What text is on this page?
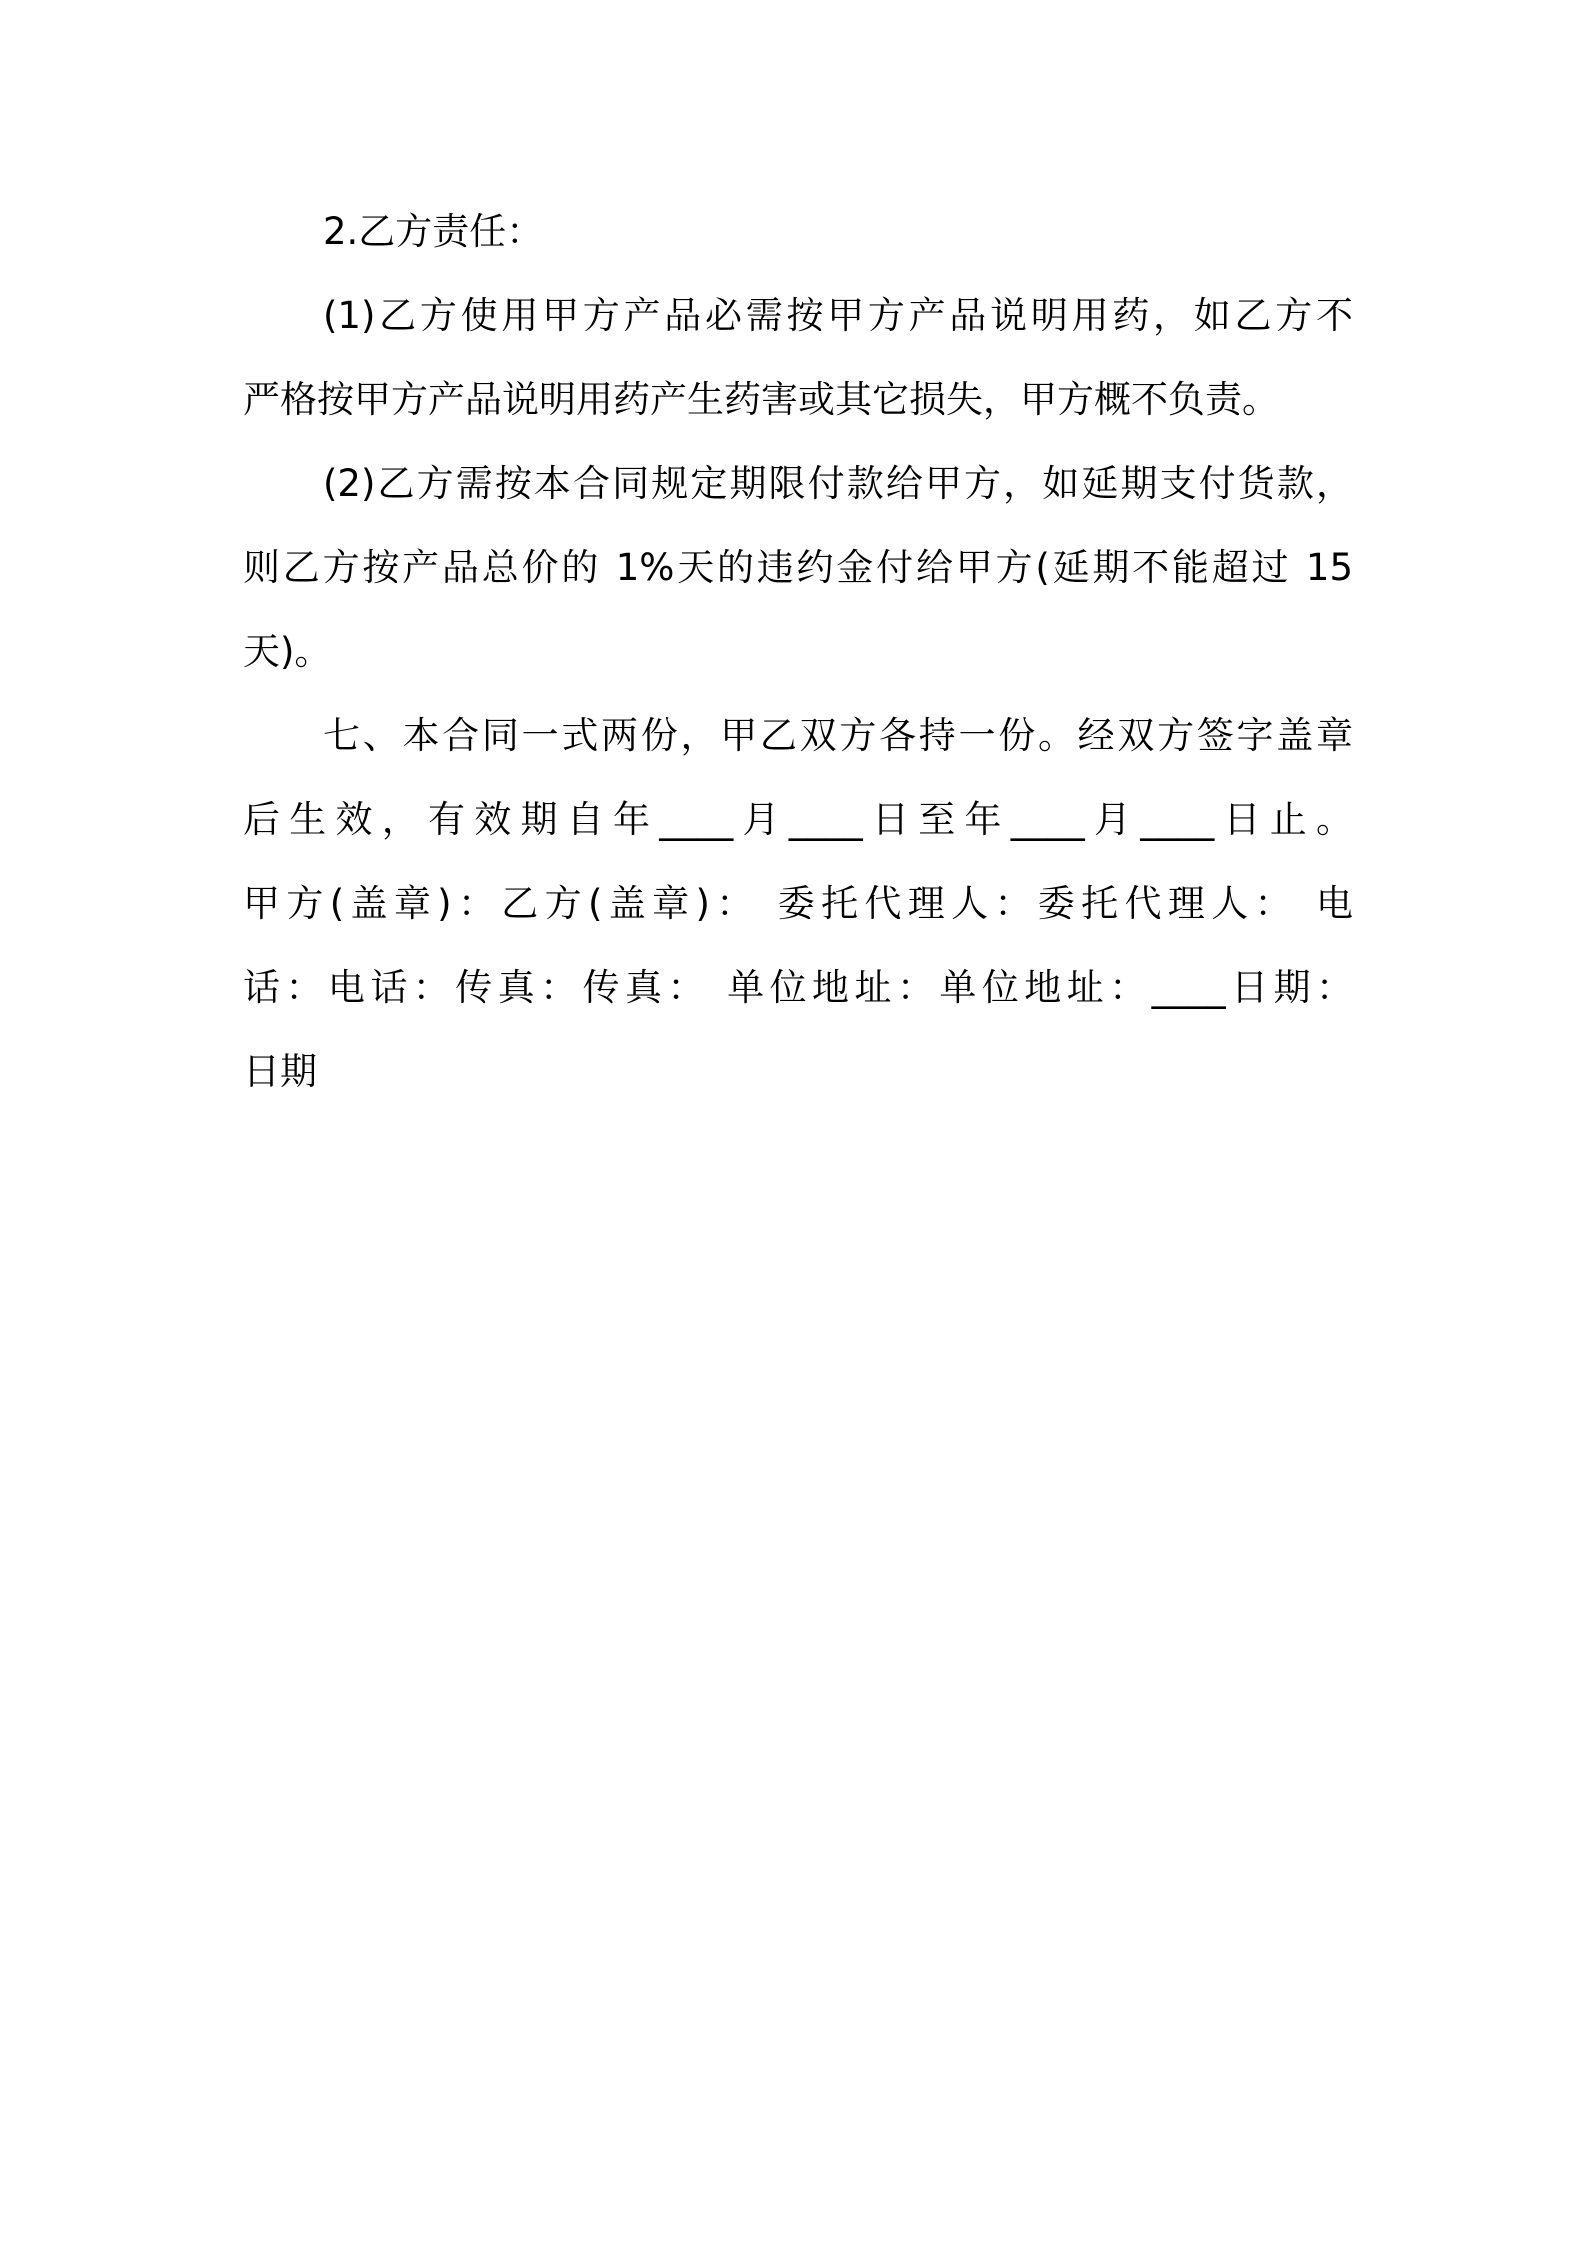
2.乙方责任：
(1)乙方使用甲方产品必需按甲方产品说明用药，如乙方不
严格按甲方产品说明用药产生药害或其它损失，甲方概不负责。
(2)乙方需按本合同规定期限付款给甲方，如延期支付货款，
则乙方按产品总价的 1%天的违约金付给甲方(延期不能超过 15
天)。
七、本合同一式两份，甲乙双方各持一份。经双方签字盖章
后生效，有效期自年____月____日至年____月____日止。
甲方(盖章)：乙方(盖章)： 委托代理人：委托代理人： 电
话：电话：传真：传真： 单位地址：单位地址：____日期：
日期
